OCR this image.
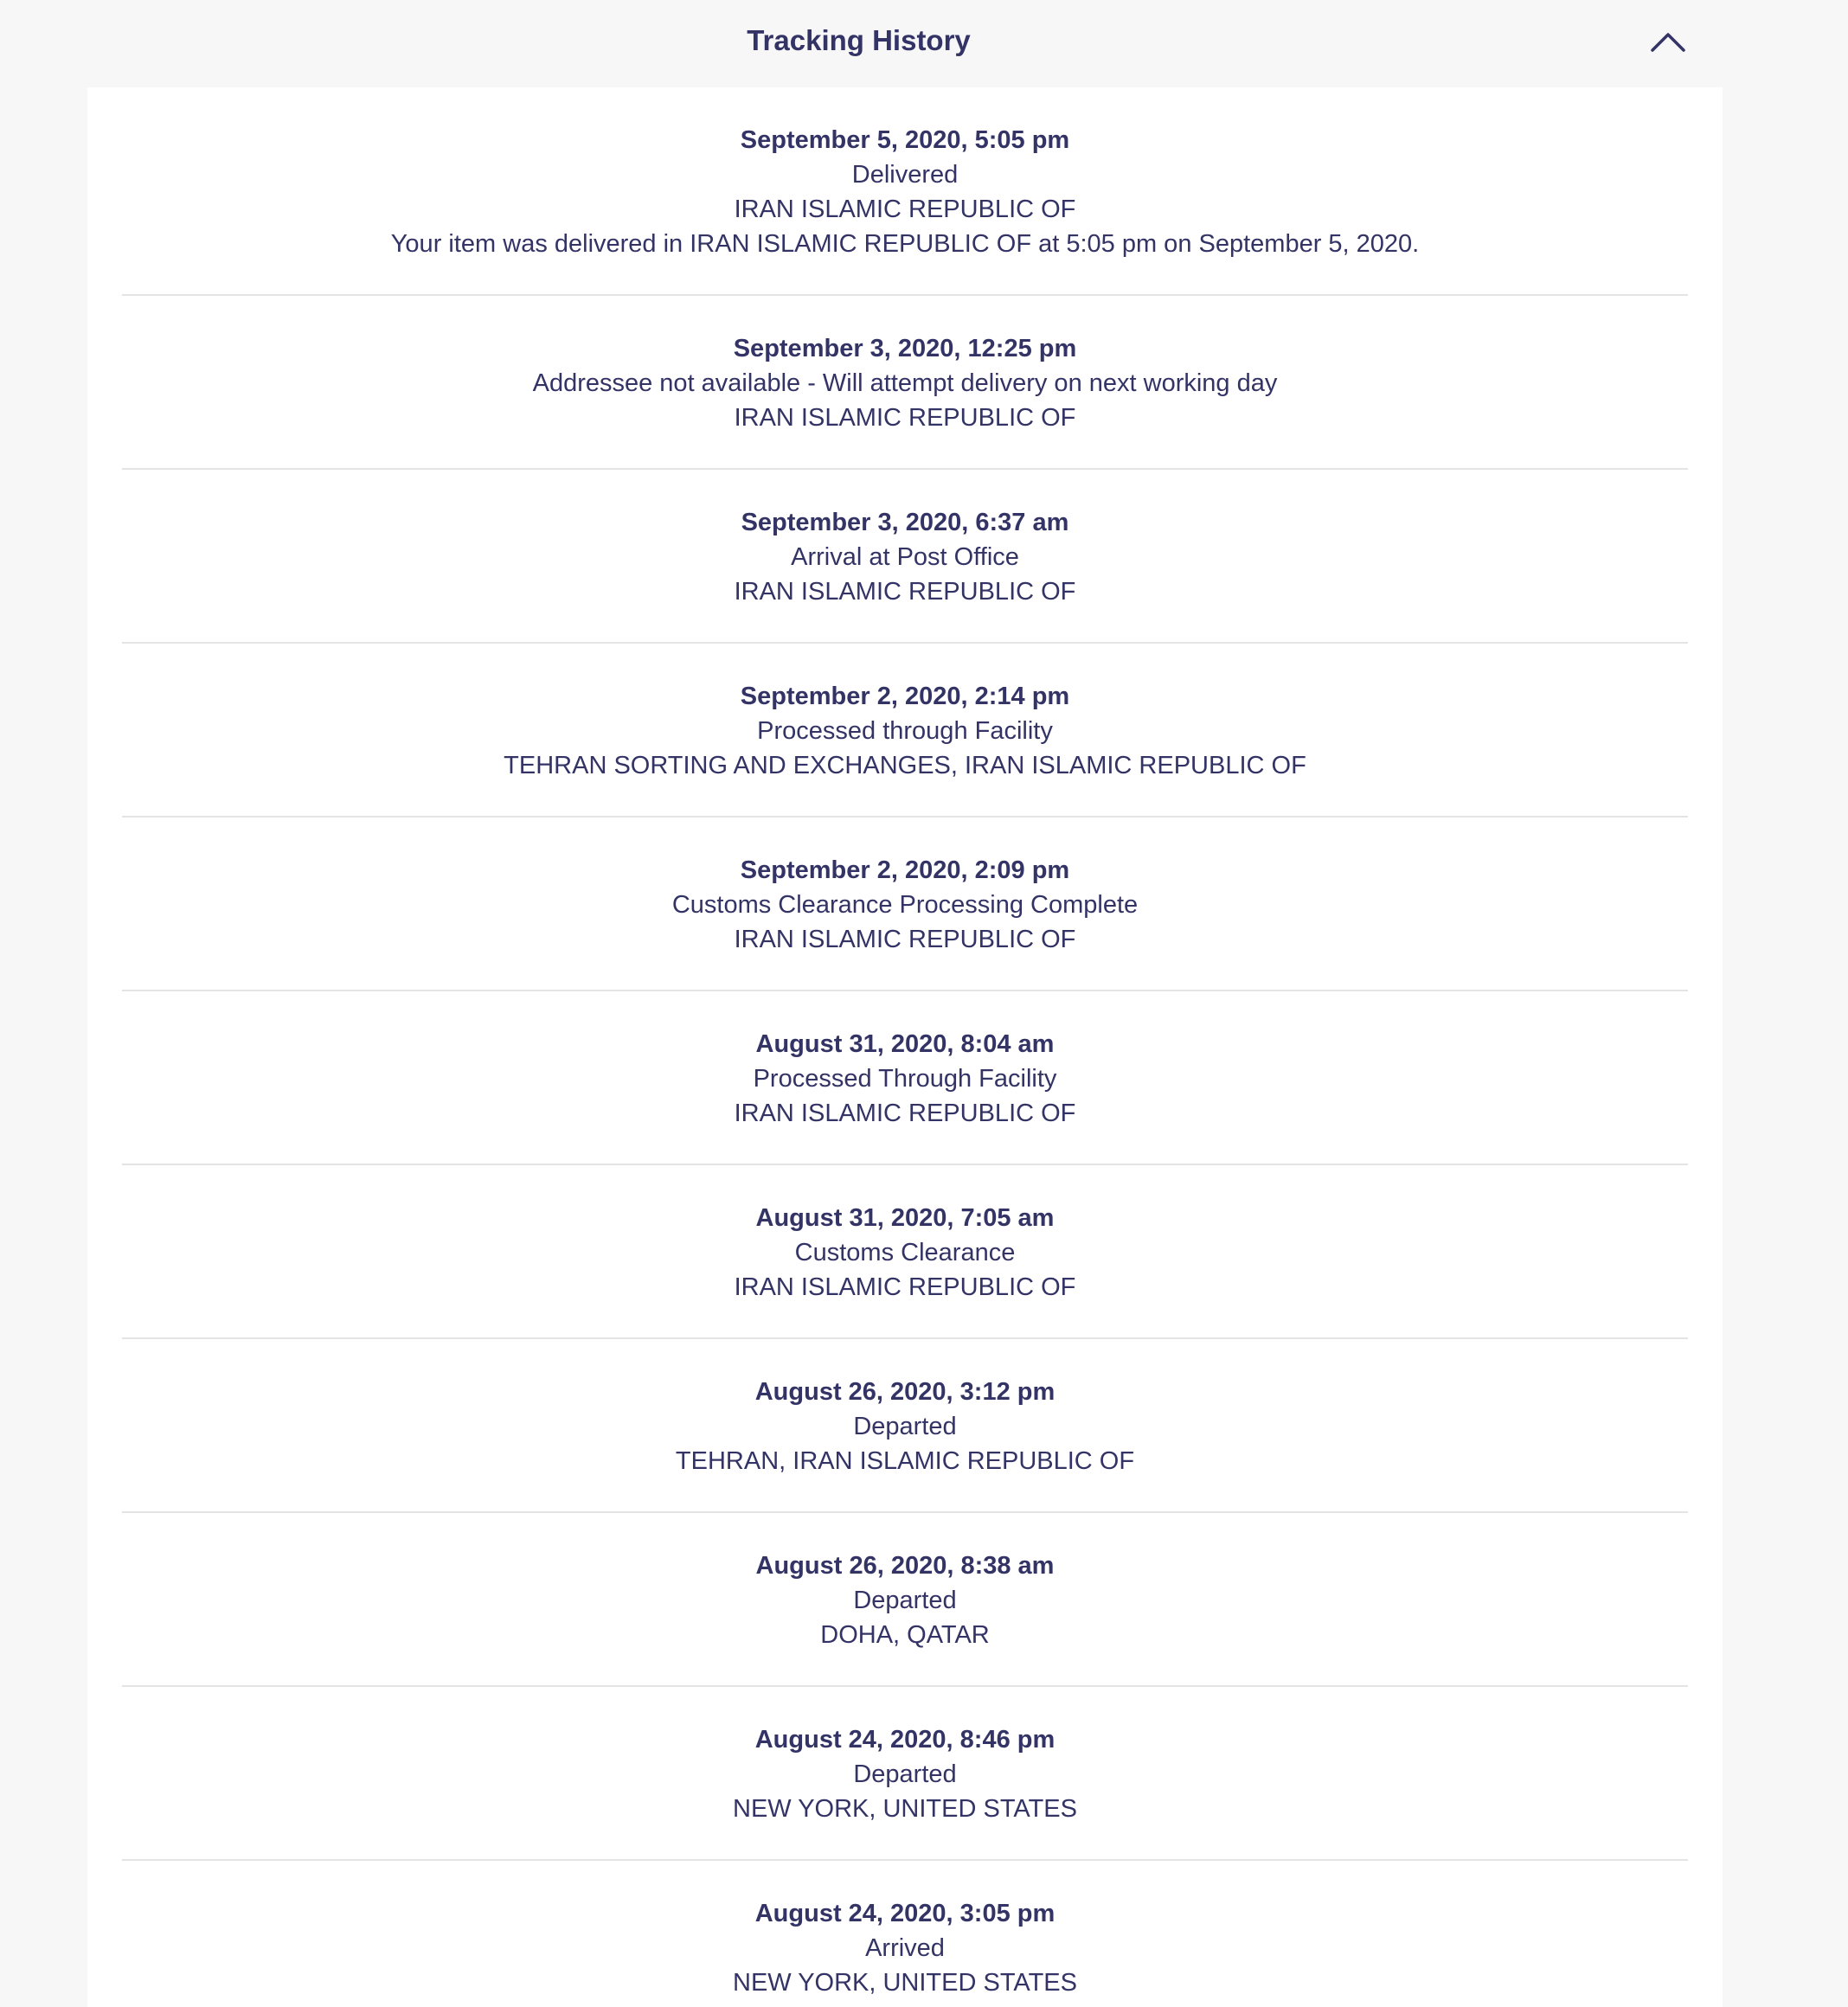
Tracking History
September 5, 2020, 5:05 pm
Delivered
IRAN ISLAMIC REPUBLIC OF
Your item was delivered in IRAN ISLAMIC REPUBLIC OF at 5:05 pm on September 5, 2020.
September 3, 2020, 12:25 pm
Addressee not available - Will attempt delivery on next working day
IRAN ISLAMIC REPUBLIC OF
September 3, 2020, 6:37 am
Arrival at Post Office
IRAN ISLAMIC REPUBLIC OF
September 2, 2020, 2:14 pm
Processed through Facility
TEHRAN SORTING AND EXCHANGES, IRAN ISLAMIC REPUBLIC OF
September 2, 2020, 2:09 pm
Customs Clearance Processing Complete
IRAN ISLAMIC REPUBLIC OF
August 31, 2020, 8:04 am
Processed Through Facility
IRAN ISLAMIC REPUBLIC OF
August 31, 2020, 7:05 am
Customs Clearance
IRAN ISLAMIC REPUBLIC OF
August 26, 2020, 3:12 pm
Departed
TEHRAN, IRAN ISLAMIC REPUBLIC OF
August 26, 2020, 8:38 am
Departed
DOHA, QATAR
August 24, 2020, 8:46 pm
Departed
NEW YORK, UNITED STATES
August 24, 2020, 3:05 pm
Arrived
NEW YORK, UNITED STATES
